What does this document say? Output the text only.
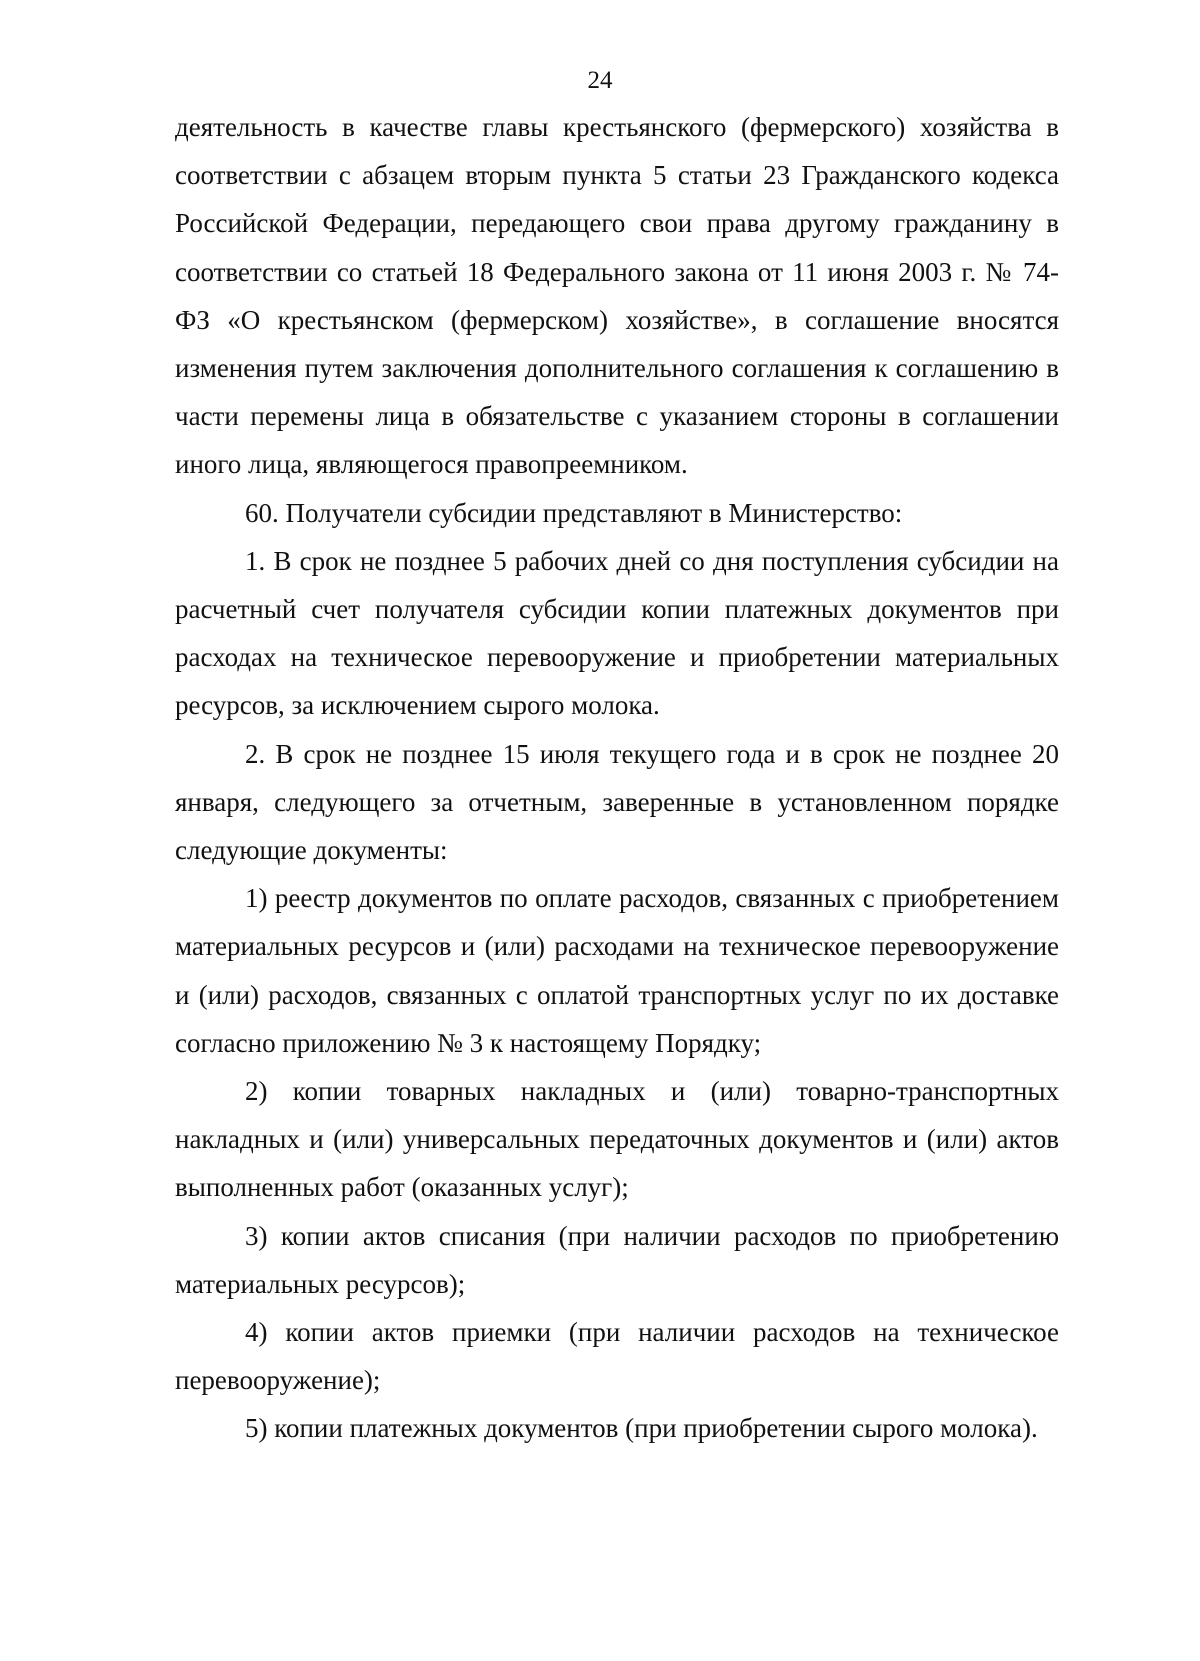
24

деятельность в качестве главы крестьянского (фермерского) хозяйства в соответствии с абзацем вторым пункта 5 статьи 23 Гражданского кодекса Российской Федерации, передающего свои права другому гражданину в соответствии со статьей 18 Федерального закона от 11 июня 2003 г. № 74-ФЗ «О крестьянском (фермерском) хозяйстве», в соглашение вносятся изменения путем заключения дополнительного соглашения к соглашению в части перемены лица в обязательстве с указанием стороны в соглашении иного лица, являющегося правопреемником.

60. Получатели субсидии представляют в Министерство:

1. В срок не позднее 5 рабочих дней со дня поступления субсидии на расчетный счет получателя субсидии копии платежных документов при расходах на техническое перевооружение и приобретении материальных ресурсов, за исключением сырого молока.

2. В срок не позднее 15 июля текущего года и в срок не позднее 20 января, следующего за отчетным, заверенные в установленном порядке следующие документы:

1) реестр документов по оплате расходов, связанных с приобретением материальных ресурсов и (или) расходами на техническое перевооружение и (или) расходов, связанных с оплатой транспортных услуг по их доставке согласно приложению № 3 к настоящему Порядку;

2) копии товарных накладных и (или) товарно-транспортных накладных и (или) универсальных передаточных документов и (или) актов выполненных работ (оказанных услуг);

3) копии актов списания (при наличии расходов по приобретению материальных ресурсов);

4) копии актов приемки (при наличии расходов на техническое перевооружение);

5) копии платежных документов (при приобретении сырого молока).
